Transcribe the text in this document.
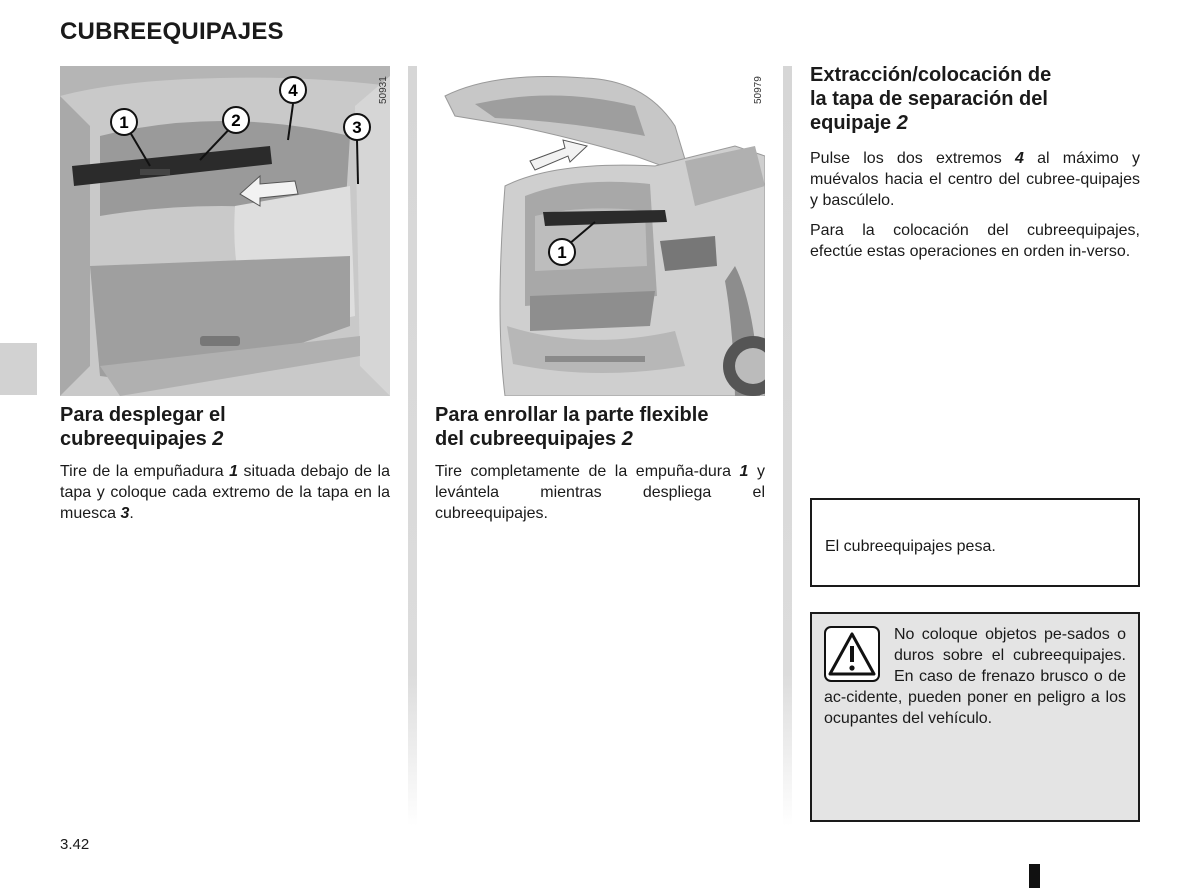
CUBREEQUIPAJES
1	2
4
3
50931
1
50979
Para desplegar el
cubreequipajes 2

Tire de la empuñadura 1 situada debajo de la tapa y coloque cada extremo de la tapa en la muesca 3.

Para enrollar la parte flexible
del cubreequipajes 2

Tire completamente de la empuña-dura 1 y levántela mientras despliega el cubreequipajes.

Extracción/colocación de
la tapa de separación del
equipaje 2

Pulse los dos extremos 4 al máximo y muévalos hacia el centro del cubree-quipajes y bascúlelo.

Para la colocación del cubreequipajes, efectúe estas operaciones en orden in-verso.

El cubreequipajes pesa.

No coloque objetos pe-sados o duros sobre el cubreequipajes. En caso de frenazo brusco o de ac-cidente, pueden poner en peligro a los ocupantes del vehículo.

3.42
